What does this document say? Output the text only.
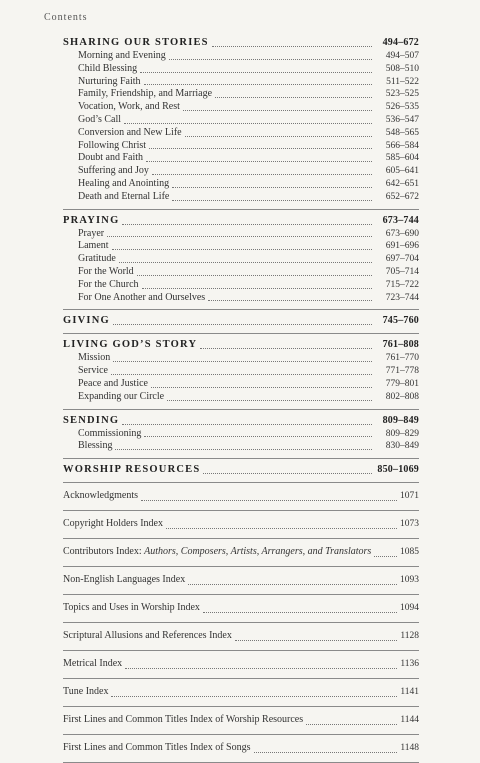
Contents
SHARING OUR STORIES	494–672
Morning and Evening	494–507
Child Blessing	508–510
Nurturing Faith	511–522
Family, Friendship, and Marriage	523–525
Vocation, Work, and Rest	526–535
God’s Call	536–547
Conversion and New Life	548–565
Following Christ	566–584
Doubt and Faith	585–604
Suffering and Joy	605–641
Healing and Anointing	642–651
Death and Eternal Life	652–672
PRAYING	673–744
Prayer	673–690
Lament	691–696
Gratitude	697–704
For the World	705–714
For the Church	715–722
For One Another and Ourselves	723–744
GIVING	745–760
LIVING GOD’S STORY	761–808
Mission	761–770
Service	771–778
Peace and Justice	779–801
Expanding our Circle	802–808
SENDING	809–849
Commissioning	809–829
Blessing	830–849
WORSHIP RESOURCES	850–1069
Acknowledgments	1071
Copyright Holders Index	1073
Contributors Index: Authors, Composers, Artists, Arrangers, and Translators	1085
Non-English Languages Index	1093
Topics and Uses in Worship Index	1094
Scriptural Allusions and References Index	1128
Metrical Index	1136
Tune Index	1141
First Lines and Common Titles Index of Worship Resources	1144
First Lines and Common Titles Index of Songs	1148
